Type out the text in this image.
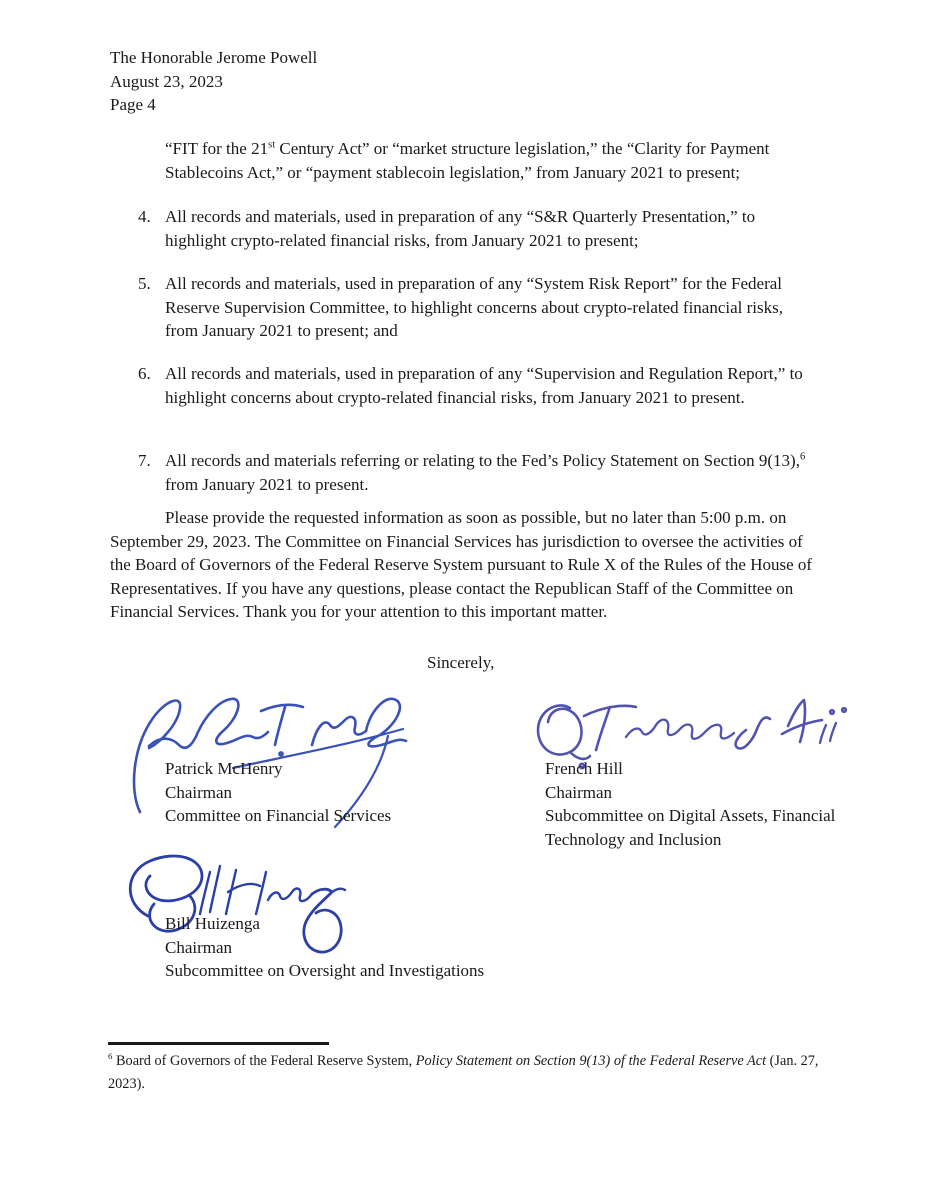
The Honorable Jerome Powell
August 23, 2023
Page 4
“FIT for the 21st Century Act” or “market structure legislation,” the “Clarity for Payment Stablecoins Act,” or “payment stablecoin legislation,” from January 2021 to present;
4. All records and materials, used in preparation of any “S&R Quarterly Presentation,” to highlight crypto-related financial risks, from January 2021 to present;
5. All records and materials, used in preparation of any “System Risk Report” for the Federal Reserve Supervision Committee, to highlight concerns about crypto-related financial risks, from January 2021 to present; and
6. All records and materials, used in preparation of any “Supervision and Regulation Report,” to highlight concerns about crypto-related financial risks, from January 2021 to present.
7. All records and materials referring or relating to the Fed’s Policy Statement on Section 9(13),$^6$ from January 2021 to present.
Please provide the requested information as soon as possible, but no later than 5:00 p.m. on September 29, 2023. The Committee on Financial Services has jurisdiction to oversee the activities of the Board of Governors of the Federal Reserve System pursuant to Rule X of the Rules of the House of Representatives. If you have any questions, please contact the Republican Staff of the Committee on Financial Services. Thank you for your attention to this important matter.
Sincerely,
Patrick McHenry
Chairman
Committee on Financial Services
French Hill
Chairman
Subcommittee on Digital Assets, Financial Technology and Inclusion
Bill Huizenga
Chairman
Subcommittee on Oversight and Investigations
$^6$ Board of Governors of the Federal Reserve System, Policy Statement on Section 9(13) of the Federal Reserve Act (Jan. 27, 2023).
